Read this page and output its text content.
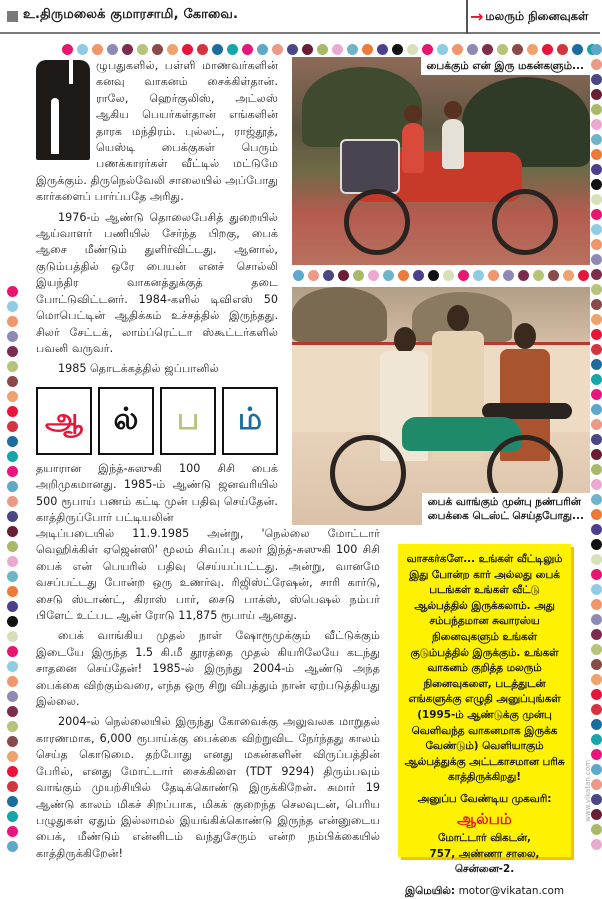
உ.திருமலைக் குமாரசாமி, கோவை.	→ மலரும் நினைவுகள்

ழுபதுகளில், பள்ளி மாணவர்களின் கனவு வாகனம் சைக்கிள்தான். ராலே, ஹெர்குலிஸ், அட்லஸ் ஆகிய பெயர்கள்தான் எங்களின் தாரக மந்திரம். புல்லட், ராஜ்தூத், யெஸ்டி பைக்குகள் பெரும் பணக்காரர்கள் வீட்டில் மட்டுமே இருக்கும். திருநெல்வேலி சாலையில் அப்போது கார்களைப் பார்ப்பதே அரிது.

1976-ம் ஆண்டு தொலைபேசித் துறையில் ஆய்வாளர் பணியில் சேர்ந்த பிறகு, பைக் ஆசை மீண்டும் துளிர்விட்டது. ஆனால், குடும்பத்தில் ஒரே பையன் எனச் சொல்லி இயந்திர வாகனத்துக்குத் தடை போட்டுவிட்டனர். 1984-களில் டிவிஎஸ் 50 மொபெட்டின் ஆதிக்கம் உச்சத்தில் இருந்தது. சிலர் சேட்டக், லாம்ப்ரெட்டா ஸ்கூட்டர்களில் பவனி வருவர்.

1985 தொடக்கத்தில் ஜப்பானில்

ஆ ல் ப ம்
தயாரான இந்த்-சுஸுகி 100 சிசி பைக் அறிமுகமானது. 1985-ம் ஆண்டு ஜனவரியில் 500 ரூபாய் பணம் கட்டி முன் பதிவு செய்தேன். காத்திருப்போர் பட்டியலின்

அடிப்படையில் 11.9.1985 அன்று, 'நெல்லை மோட்டார் வெஹிக்கிள் ஏஜென்ஸி' மூலம் சிவப்பு கலர் இந்த்-சுஸுகி 100 சிசி பைக் என் பெயரில் பதிவு செய்யப்பட்டது. அன்று, வானமே வசப்பட்டது போன்ற ஒரு உணர்வு. ரிஜிஸ்ட்ரேஷன், சாரி கார்டு, சைடு ஸ்டாண்ட், கிராஸ் பார், சைடு பாக்ஸ், ஸ்பெஷல் நம்பர் பிளேட் உட்பட ஆன் ரோடு 11,875 ரூபாய் ஆனது.

பைக் வாங்கிய முதல் நாள் ஷோரூமுக்கும் வீட்டுக்கும் இடையே இருந்த 1.5 கி.மீ தூரத்தை முதல் கியரிலேயே கடந்து சாதனை செய்தேன்! 1985-ல் இருந்து 2004-ம் ஆண்டு அந்த பைக்கை விற்கும்வரை, எந்த ஒரு சிறு விபத்தும் நான் ஏற்படுத்தியது இல்லை.

2004-ல் நெல்லையில் இருந்து கோவைக்கு அலுவலக மாறுதல் காரணமாக, 6,000 ரூபாய்க்கு பைக்கை விற்றுவிட நேர்ந்தது காலம் செய்த கொடுமை. தற்போது எனது மகன்களின் விருப்பத்தின் பேரில், எனது மோட்டார் சைக்கிளை (TDT 9294) திரும்பவும் வாங்கும் முயற்சியில் தேடிக்கொண்டு இருக்கிறேன். சுமார் 19 ஆண்டு காலம் மிகச் சிறப்பாக, மிகக் குறைந்த செலவுடன், பெரிய பழுதுகள் ஏதும் இல்லாமல் இயங்கிக்கொண்டு இருந்த என்னுடைய பைக், மீண்டும் என்னிடம் வந்துசேரும் என்ற நம்பிக்கையில் காத்திருக்கிறேன்!

பைக்கும் என் இரு மகன்களும்...
பைக் வாங்கும் முன்பு நண்பரின்
பைக்கை டெஸ்ட் செய்தபோது...
வாசகர்களே... உங்கள் வீட்டிலும் இது போன்ற கார் அல்லது பைக் படங்கள் உங்கள் வீட்டு ஆல்பத்தில் இருக்கலாம். அது சம்பந்தமான சுவாரஸ்ய நினைவுகளும் உங்கள் குடும்பத்தில் இருக்கும். உங்கள் வாகனம் குறித்த மலரும் நினைவுகளை, படத்துடன் எங்களுக்கு எழுதி அனுப்புங்கள் (1995-ம் ஆண்டுக்கு முன்பு வெளிவந்த வாகனமாக இருக்க வேண்டும்) வெளியாகும் ஆல்பத்துக்கு அட்டகாசமான பரிசு காத்திருக்கிறது!
அனுப்ப வேண்டிய முகவரி:
ஆல்பம்
மோட்டார் விகடன்,
757, அண்ணா சாலை, சென்னை-2.
இமெயில்: motor@vikatan.com
www.vikatan.com
